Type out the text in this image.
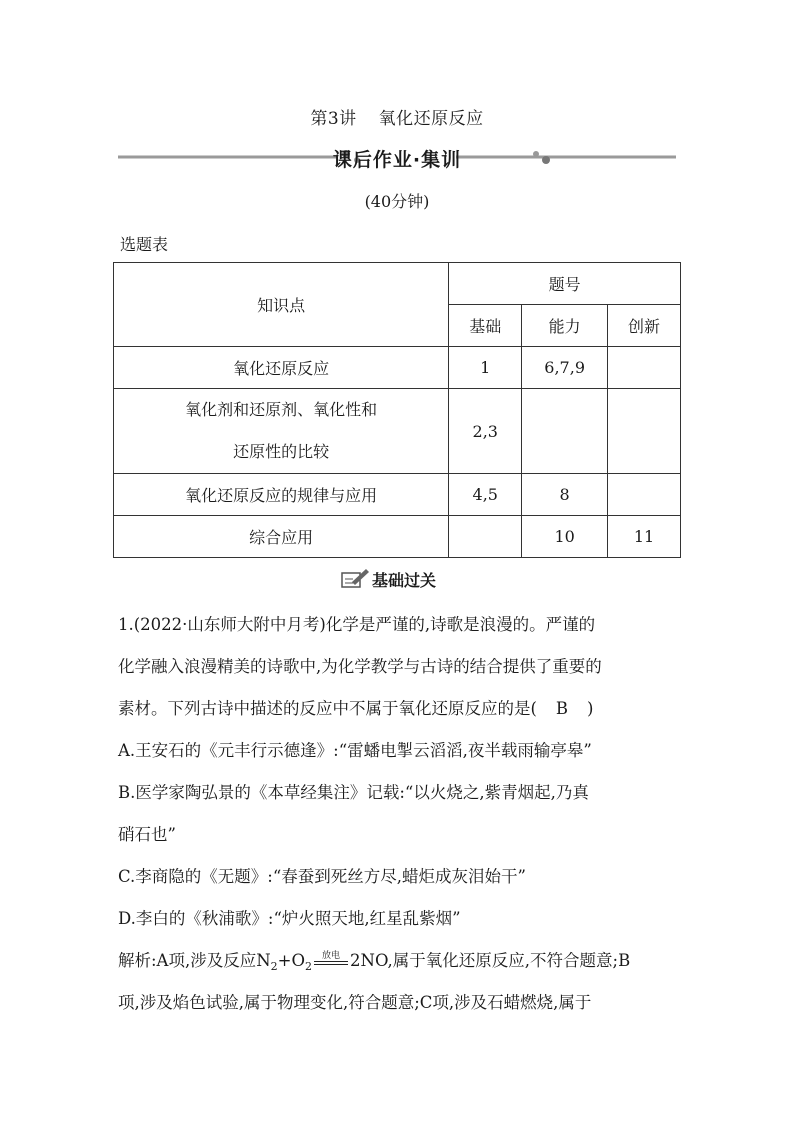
第3讲 氧化还原反应
课后作业·集训
(40分钟)
选题表
知识点	题号		
	基础	能力	创新
氧化还原反应	1	6,7,9	

氧化剂和还原剂、氧化性和
还原性的比较	2,3		
氧化还原反应的规律与应用	4,5	8	
综合应用		10	11
基础过关
1.(2022·山东师大附中月考)化学是严谨的,诗歌是浪漫的。严谨的
化学融入浪漫精美的诗歌中,为化学教学与古诗的结合提供了重要的
素材。下列古诗中描述的反应中不属于氧化还原反应的是( B )
A.王安石的《元丰行示德逢》:“雷蟠电掣云滔滔,夜半载雨输亭皋”
B.医学家陶弘景的《本草经集注》记载:“以火烧之,紫青烟起,乃真
硝石也”
C.李商隐的《无题》:“春蚕到死丝方尽,蜡炬成灰泪始干”
D.李白的《秋浦歌》:“炉火照天地,红星乱紫烟”
解析:A项,涉及反应$N_2+O_2$放电 2NO,属于氧化还原反应,不符合题意;B
项,涉及焰色试验,属于物理变化,符合题意;C项,涉及石蜡燃烧,属于
